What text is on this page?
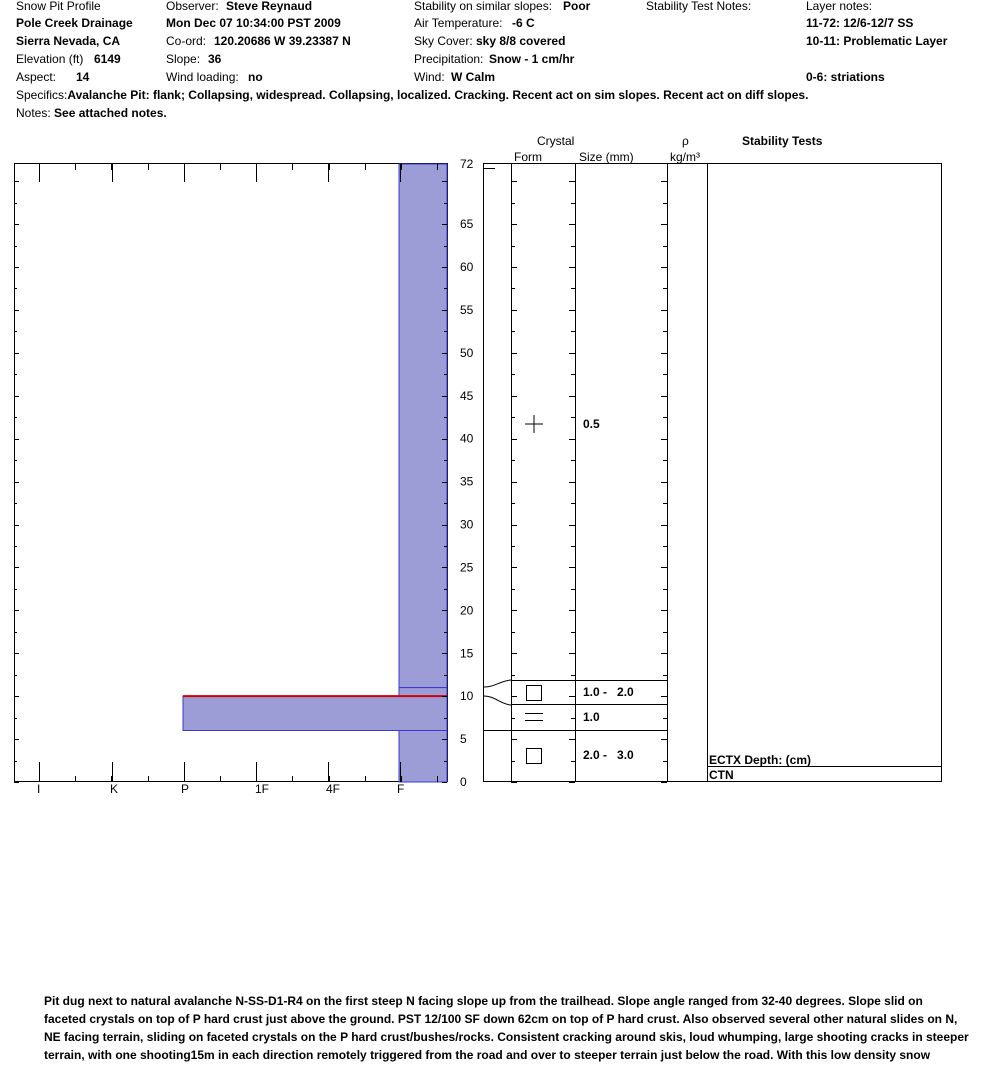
Snow Pit Profile
Pole Creek Drainage
Sierra Nevada, CA
Elevation (ft) 6149
Aspect: 14
Observer: Steve Reynaud
Mon Dec 07 10:34:00 PST 2009
Co-ord: 120.20686 W 39.23387 N
Slope: 36
Wind loading: no
Stability on similar slopes: Poor
Air Temperature: -6 C
Sky Cover: sky 8/8 covered
Precipitation: Snow - 1 cm/hr
Wind: W Calm
Stability Test Notes:	Layer notes:
11-72: 12/6-12/7 SS
10-11: Problematic Layer
0-6: striations
Specifics:Avalanche Pit: flank; Collapsing, widespread. Collapsing, localized. Cracking. Recent act on sim slopes. Recent act on diff slopes.
Notes: See attached notes.
I	K	P	1F	4F	F	0
5
10
15
20
25
30
35
40
45
50
55
60
65
72
0.5
1.0 -   2.0
1.0
2.0 -   3.0
Crystal
Form	Size (mm)
ρ
kg/m³
Stability Tests
ECTX Depth: (cm)
CTN
Pit dug next to natural avalanche N-SS-D1-R4 on the first steep N facing slope up from the trailhead. Slope angle ranged from 32-40 degrees. Slope slid on
faceted crystals on top of P hard crust just above the ground. PST 12/100 SF down 62cm on top of P hard crust. Also observed several other natural slides on N,
NE facing terrain, sliding on faceted crystals on the P hard crust/bushes/rocks. Consistent cracking around skis, loud whumping, large shooting cracks in steeper
terrain, with one shooting15m in each direction remotely triggered from the road and over to steeper terrain just below the road. With this low density snow
